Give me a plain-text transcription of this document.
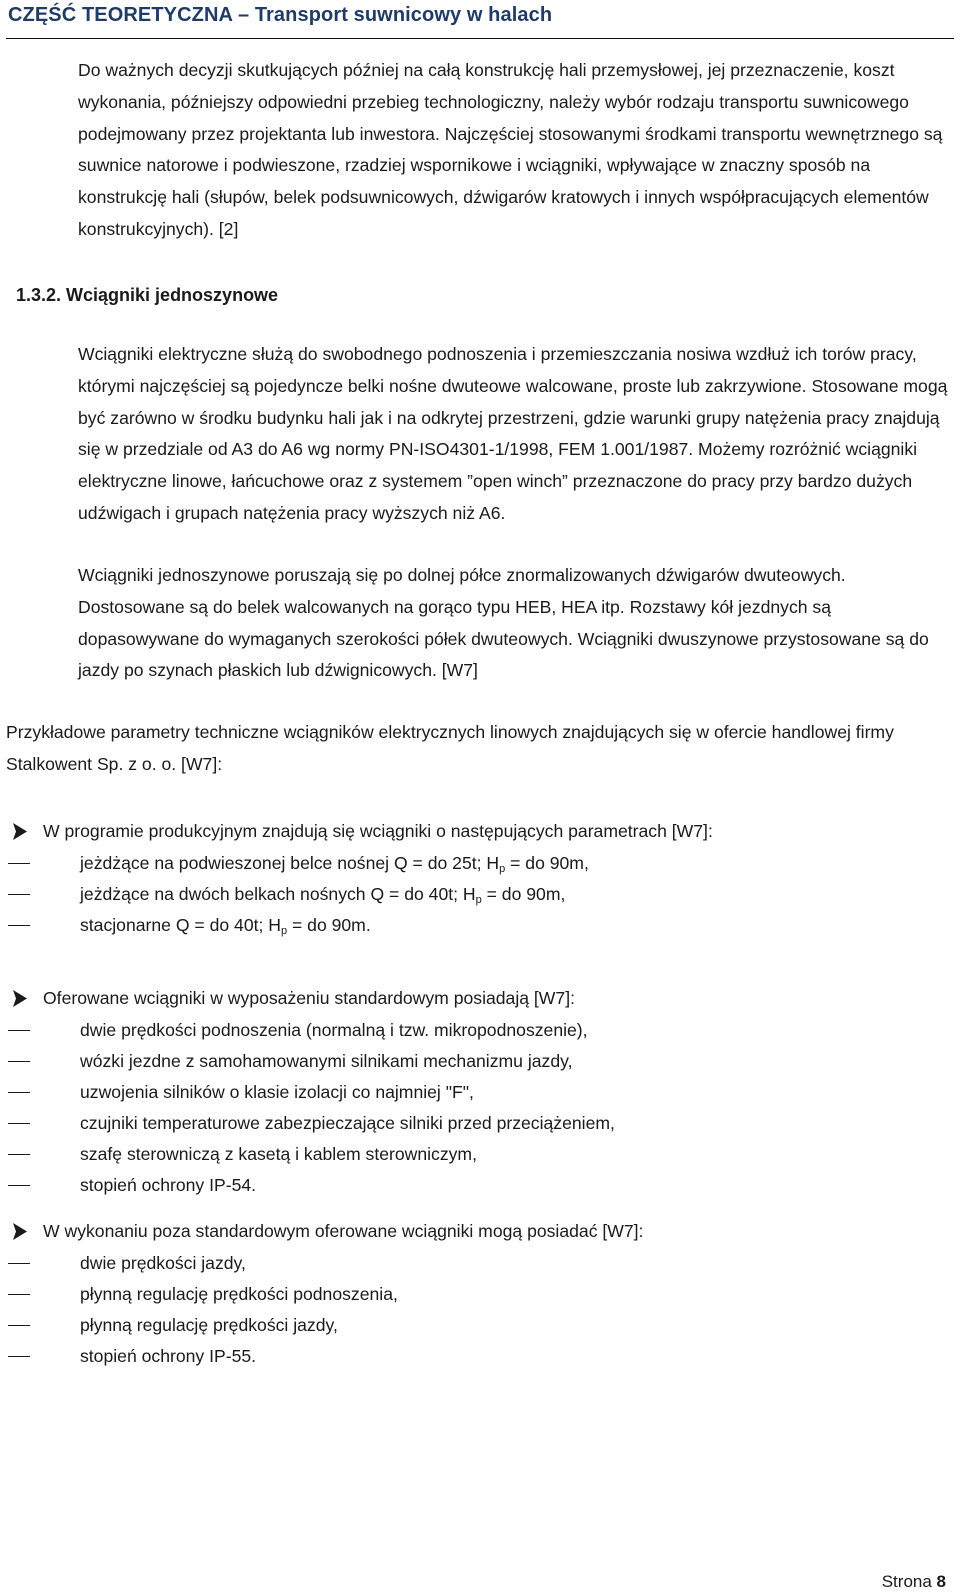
CZĘŚĆ TEORETYCZNA – Transport suwnicowy w halach
Do ważnych decyzji skutkujących później na całą konstrukcję hali przemysłowej, jej przeznaczenie, koszt wykonania, późniejszy odpowiedni przebieg technologiczny, należy wybór rodzaju transportu suwnicowego podejmowany przez projektanta lub inwestora. Najczęściej stosowanymi środkami transportu wewnętrznego są suwnice natorowe i podwieszone, rzadziej wspornikowe i wciągniki, wpływające w znaczny sposób na konstrukcję hali (słupów, belek podsuwnicowych, dźwigarów kratowych i innych współpracujących elementów konstrukcyjnych). [2]
1.3.2. Wciągniki jednoszynowe
Wciągniki elektryczne służą do swobodnego podnoszenia i przemieszczania nosiwa wzdłuż ich torów pracy, którymi najczęściej są pojedyncze belki nośne dwuteowe walcowane, proste lub zakrzywione. Stosowane mogą być zarówno w środku budynku hali jak i na odkrytej przestrzeni, gdzie warunki grupy natężenia pracy znajdują się w przedziale od A3 do A6 wg normy PN-ISO4301-1/1998, FEM 1.001/1987. Możemy rozróżnić wciągniki elektryczne linowe, łańcuchowe oraz z systemem ”open winch” przeznaczone do pracy przy bardzo dużych udźwigach i grupach natężenia pracy wyższych niż A6.
Wciągniki jednoszynowe poruszają się po dolnej półce znormalizowanych dźwigarów dwuteowych. Dostosowane są do belek walcowanych na gorąco typu HEB, HEA itp. Rozstawy kół jezdnych są dopasowywane do wymaganych szerokości półek dwuteowych. Wciągniki dwuszynowe przystosowane są do jazdy po szynach płaskich lub dźwignicowych. [W7]
Przykładowe parametry techniczne wciągników elektrycznych linowych znajdujących się w ofercie handlowej firmy Stalkowent Sp. z o. o. [W7]:
W programie produkcyjnym znajdują się wciągniki o następujących parametrach [W7]:
jeżdżące na podwieszonej belce nośnej Q = do 25t; $H_p$ = do 90m,
jeżdżące na dwóch belkach nośnych Q = do 40t; $H_p$ = do 90m,
stacjonarne Q = do 40t; $H_p$ = do 90m.
Oferowane wciągniki w wyposażeniu standardowym posiadają [W7]:
dwie prędkości podnoszenia (normalną i tzw. mikropodnoszenie),
wózki jezdne z samohamowanymi silnikami mechanizmu jazdy,
uzwojenia silników o klasie izolacji co najmniej "F",
czujniki temperaturowe zabezpieczające silniki przed przeciążeniem,
szafę sterowniczą z kasetą i kablem sterowniczym,
stopień ochrony IP-54.
W wykonaniu poza standardowym oferowane wciągniki mogą posiadać [W7]:
dwie prędkości jazdy,
płynną regulację prędkości podnoszenia,
płynną regulację prędkości jazdy,
stopień ochrony IP-55.
Strona 8
